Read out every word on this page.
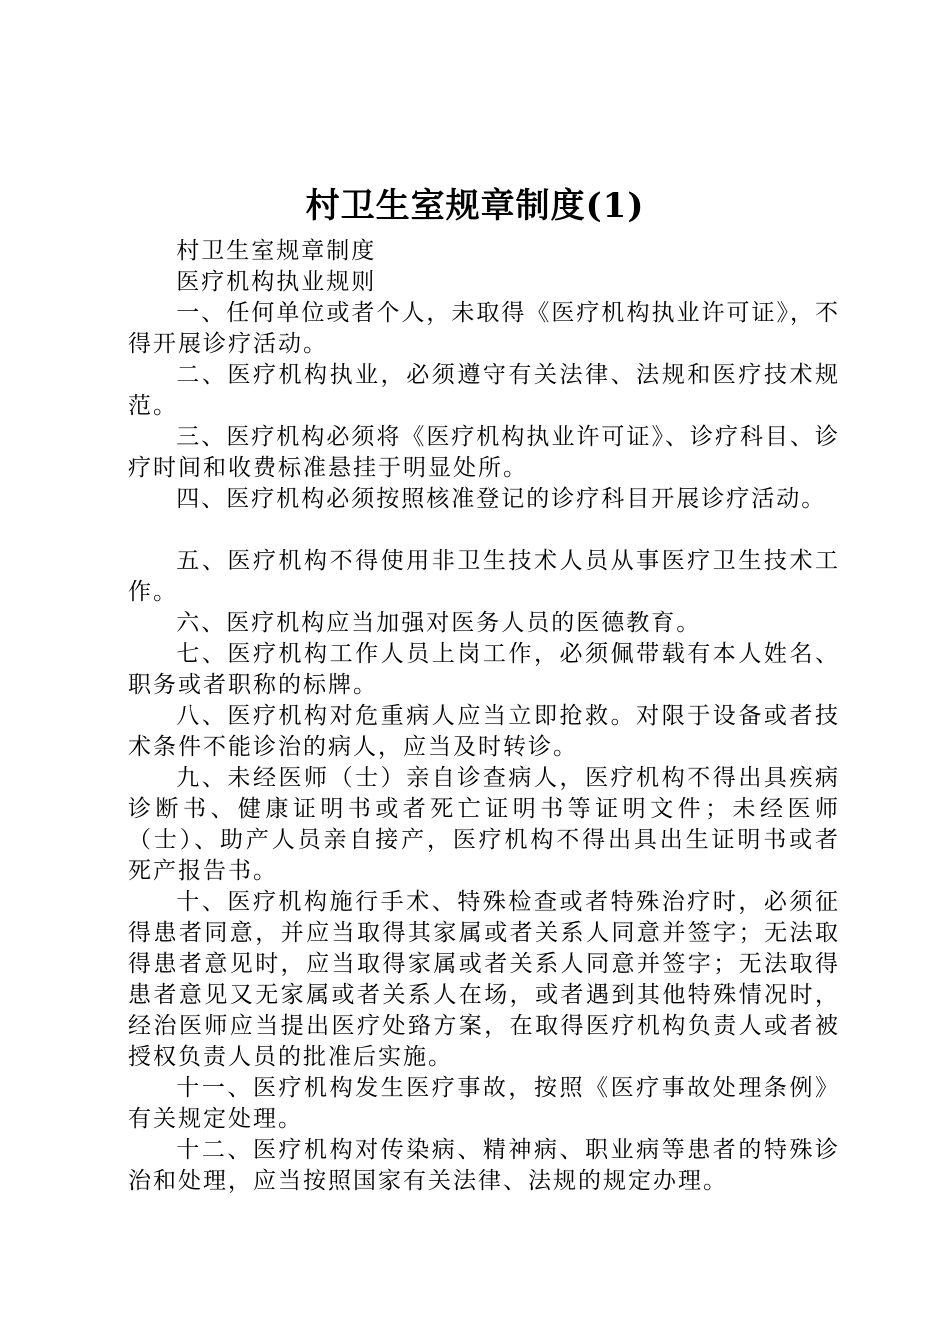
村卫生室规章制度(1)

村卫生室规章制度

医疗机构执业规则

一、任何单位或者个人，未取得《医疗机构执业许可证》，不得开展诊疗活动。

二、医疗机构执业，必须遵守有关法律、法规和医疗技术规范。

三、医疗机构必须将《医疗机构执业许可证》、诊疗科目、诊疗时间和收费标准悬挂于明显处所。

四、医疗机构必须按照核准登记的诊疗科目开展诊疗活动。

五、医疗机构不得使用非卫生技术人员从事医疗卫生技术工作。

六、医疗机构应当加强对医务人员的医德教育。

七、医疗机构工作人员上岗工作，必须佩带载有本人姓名、职务或者职称的标牌。

八、医疗机构对危重病人应当立即抢救。对限于设备或者技术条件不能诊治的病人，应当及时转诊。

九、未经医师（士）亲自诊查病人，医疗机构不得出具疾病诊断书、健康证明书或者死亡证明书等证明文件；未经医师（士）、助产人员亲自接产，医疗机构不得出具出生证明书或者死产报告书。

十、医疗机构施行手术、特殊检查或者特殊治疗时，必须征得患者同意，并应当取得其家属或者关系人同意并签字；无法取得患者意见时，应当取得家属或者关系人同意并签字；无法取得患者意见又无家属或者关系人在场，或者遇到其他特殊情况时，经治医师应当提出医疗处臵方案，在取得医疗机构负责人或者被授权负责人员的批准后实施。

十一、医疗机构发生医疗事故，按照《医疗事故处理条例》有关规定处理。

十二、医疗机构对传染病、精神病、职业病等患者的特殊诊治和处理，应当按照国家有关法律、法规的规定办理。
